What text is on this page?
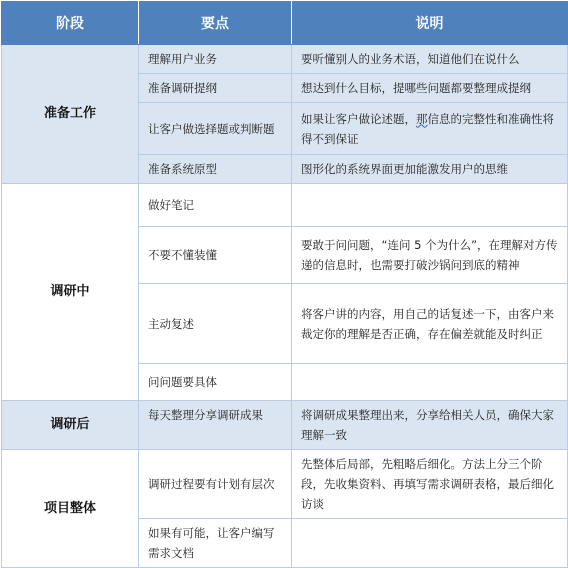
阶段	要点	说明
准备工作	理解用户业务	要听懂别人的业务术语，知道他们在说什么
	准备调研提纲	想达到什么目标，提哪些问题都要整理成提纲
	让客户做选择题或判断题	如果让客户做论述题，那信息的完整性和准确性将得不到保证
	准备系统原型	图形化的系统界面更加能激发用户的思维
调研中	做好笔记	
	不要不懂装懂	要敢于问问题，“连问 5 个为什么”，在理解对方传递的信息时，也需要打破沙锅问到底的精神
	主动复述	将客户讲的内容，用自己的话复述一下，由客户来裁定你的理解是否正确，存在偏差就能及时纠正
	问问题要具体	
调研后	每天整理分享调研成果	将调研成果整理出来，分享给相关人员，确保大家理解一致
项目整体	调研过程要有计划有层次	先整体后局部，先粗略后细化。方法上分三个阶段，先收集资料、再填写需求调研表格，最后细化访谈
	如果有可能，让客户编写需求文档	
